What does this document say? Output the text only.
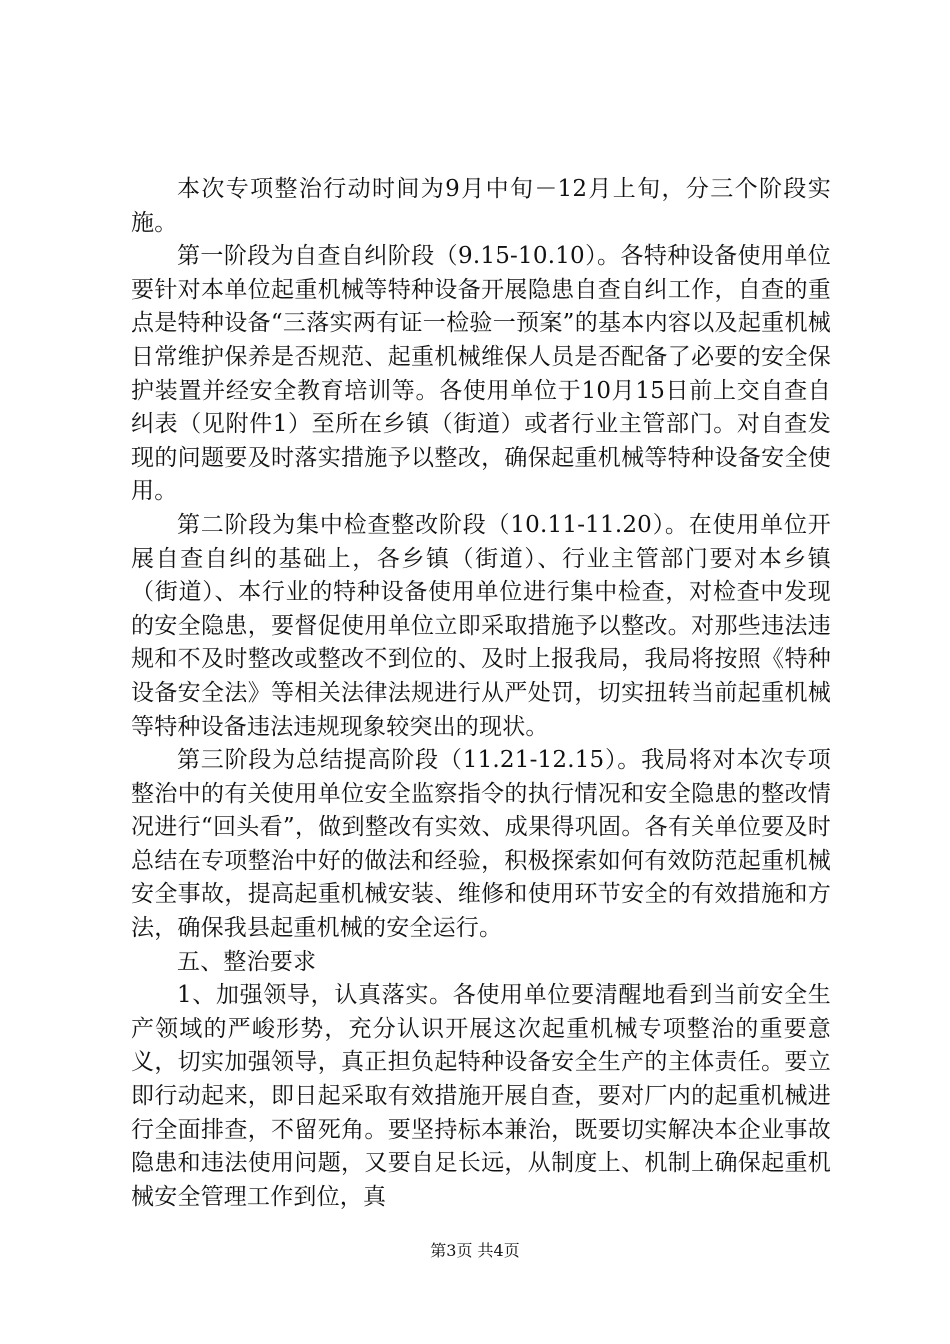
本次专项整治行动时间为9月中旬－12月上旬，分三个阶段实施。

第一阶段为自查自纠阶段（9.15-10.10）。各特种设备使用单位要针对本单位起重机械等特种设备开展隐患自查自纠工作，自查的重点是特种设备“三落实两有证一检验一预案”的基本内容以及起重机械日常维护保养是否规范、起重机械维保人员是否配备了必要的安全保护装置并经安全教育培训等。各使用单位于10月15日前上交自查自纠表（见附件1）至所在乡镇（街道）或者行业主管部门。对自查发现的问题要及时落实措施予以整改，确保起重机械等特种设备安全使用。

第二阶段为集中检查整改阶段（10.11-11.20）。在使用单位开展自查自纠的基础上，各乡镇（街道）、行业主管部门要对本乡镇（街道）、本行业的特种设备使用单位进行集中检查，对检查中发现的安全隐患，要督促使用单位立即采取措施予以整改。对那些违法违规和不及时整改或整改不到位的、及时上报我局，我局将按照《特种设备安全法》等相关法律法规进行从严处罚，切实扭转当前起重机械等特种设备违法违规现象较突出的现状。

第三阶段为总结提高阶段（11.21-12.15）。我局将对本次专项整治中的有关使用单位安全监察指令的执行情况和安全隐患的整改情况进行“回头看”，做到整改有实效、成果得巩固。各有关单位要及时总结在专项整治中好的做法和经验，积极探索如何有效防范起重机械安全事故，提高起重机械安装、维修和使用环节安全的有效措施和方法，确保我县起重机械的安全运行。

五、整治要求

1、加强领导，认真落实。各使用单位要清醒地看到当前安全生产领域的严峻形势，充分认识开展这次起重机械专项整治的重要意义，切实加强领导，真正担负起特种设备安全生产的主体责任。要立即行动起来，即日起采取有效措施开展自查，要对厂内的起重机械进行全面排查，不留死角。要坚持标本兼治，既要切实解决本企业事故隐患和违法使用问题，又要自足长远，从制度上、机制上确保起重机械安全管理工作到位，真

第3页 共4页
